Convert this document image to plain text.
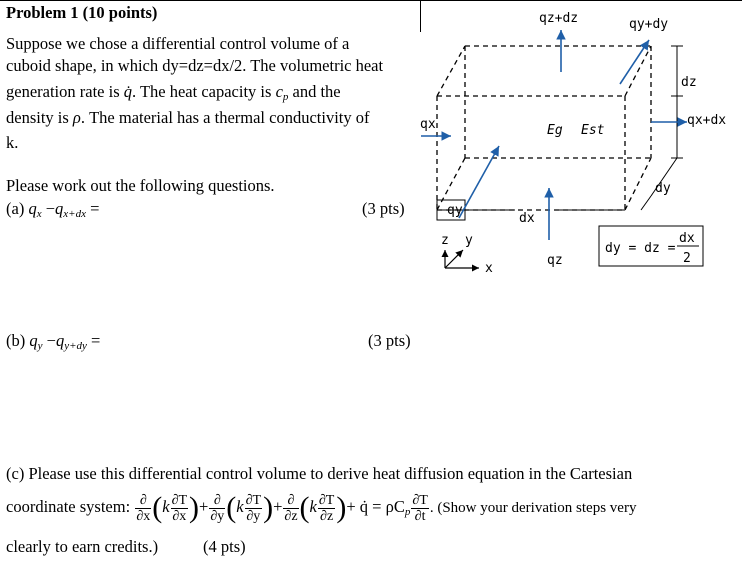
Problem 1 (10 points)
Suppose we chose a differential control volume of a
cuboid shape, in which dy=dz=dx/2. The volumetric heat
generation rate is q̇. The heat capacity is $c_p$ and the
density is ρ. The material has a thermal conductivity of
k.
Please work out the following questions.
(a) $q_x -q_{x+dx}$ =	(3 pts)
(b) $q_y -q_{y+dy}$ =	(3 pts)
(c) Please use this differential control volume to derive heat diffusion equation in the Cartesian
coordinate system: $\frac{\partial}{\partial x} (k \frac{\partial T}{\partial x}$ )+ $\frac{\partial}{\partial y} (k \frac{\partial T}{\partial y}$ )+ $\frac{\partial}{\partial z} (k \frac{\partial T}{\partial z}$ )+ q̇ = $\rho C_p \frac{\partial T}{\partial t}$ . (Show your derivation steps very
clearly to earn credits.)	(4 pts)
qz+dz	qy+dy
dz
qx	qx+dx
Eg Est
dy
qy
dx
qz
z y
x
dy = dz =
dx
2
